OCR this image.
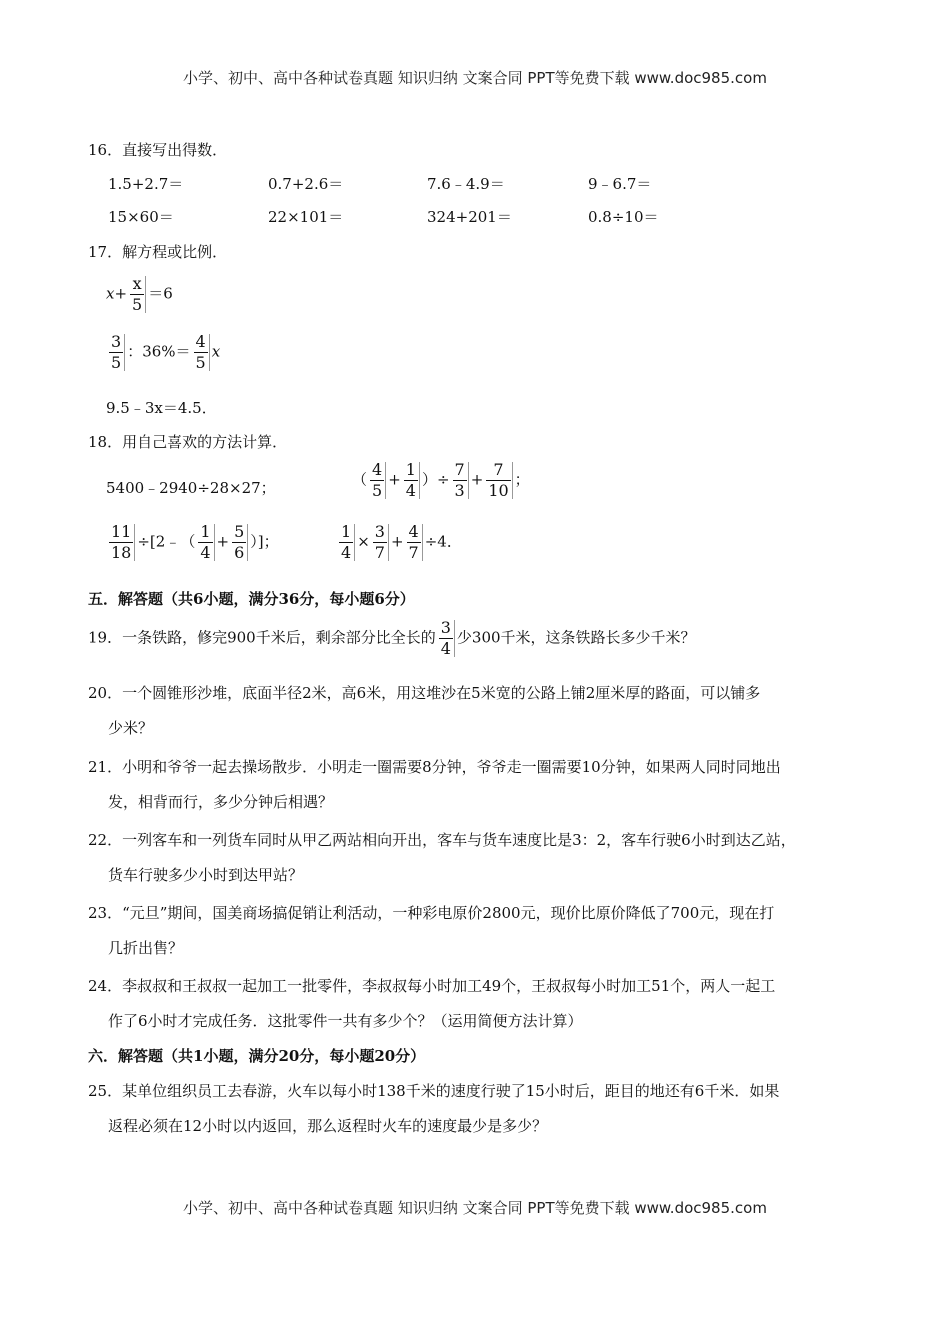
小学、初中、高中各种试卷真题 知识归纳 文案合同 PPT等免费下载 www.doc985.com
16．直接写出得数．
1.5+2.7＝	0.7+2.6＝	7.6﹣4.9＝	9﹣6.7＝
15×60＝	22×101＝	324+201＝	0.8÷10＝
17．解方程或比例．
$x+ \frac{x}{5} =6$
$\frac{3}{5}$ ：$36\%= \frac{4}{5}$ x
9.5﹣3x＝4.5．
18．用自己喜欢的方法计算．
5400﹣2940÷28×27；	（ $\frac{4}{5} + \frac{1}{4}$ ）÷ $\frac{7}{3} + \frac{7}{10}$ ；
$\frac{11}{18}$ ÷[2﹣（ $\frac{1}{4} + \frac{5}{6}$ ）]；	$\frac{1}{4} \times \frac{3}{7} + \frac{4}{7} \div 4$．
五．解答题（共6小题，满分36分，每小题6分）
19．一条铁路，修完900千米后，剩余部分比全长的 $\frac{3}{4}$ 少300千米，这条铁路长多少千米？
20．一个圆锥形沙堆，底面半径2米，高6米，用这堆沙在5米宽的公路上铺2厘米厚的路面，可以铺多
少米？
21．小明和爷爷一起去操场散步．小明走一圈需要8分钟，爷爷走一圈需要10分钟，如果两人同时同地出
发，相背而行，多少分钟后相遇？
22．一列客车和一列货车同时从甲乙两站相向开出，客车与货车速度比是3：2，客车行驶6小时到达乙站，
货车行驶多少小时到达甲站？
23．“元旦”期间，国美商场搞促销让利活动，一种彩电原价2800元，现价比原价降低了700元，现在打
几折出售？
24．李叔叔和王叔叔一起加工一批零件，李叔叔每小时加工49个，王叔叔每小时加工51个，两人一起工
作了6小时才完成任务．这批零件一共有多少个？（运用简便方法计算）
六．解答题（共1小题，满分20分，每小题20分）
25．某单位组织员工去春游，火车以每小时138千米的速度行驶了15小时后，距目的地还有6千米．如果
返程必须在12小时以内返回，那么返程时火车的速度最少是多少？
小学、初中、高中各种试卷真题 知识归纳 文案合同 PPT等免费下载 www.doc985.com
